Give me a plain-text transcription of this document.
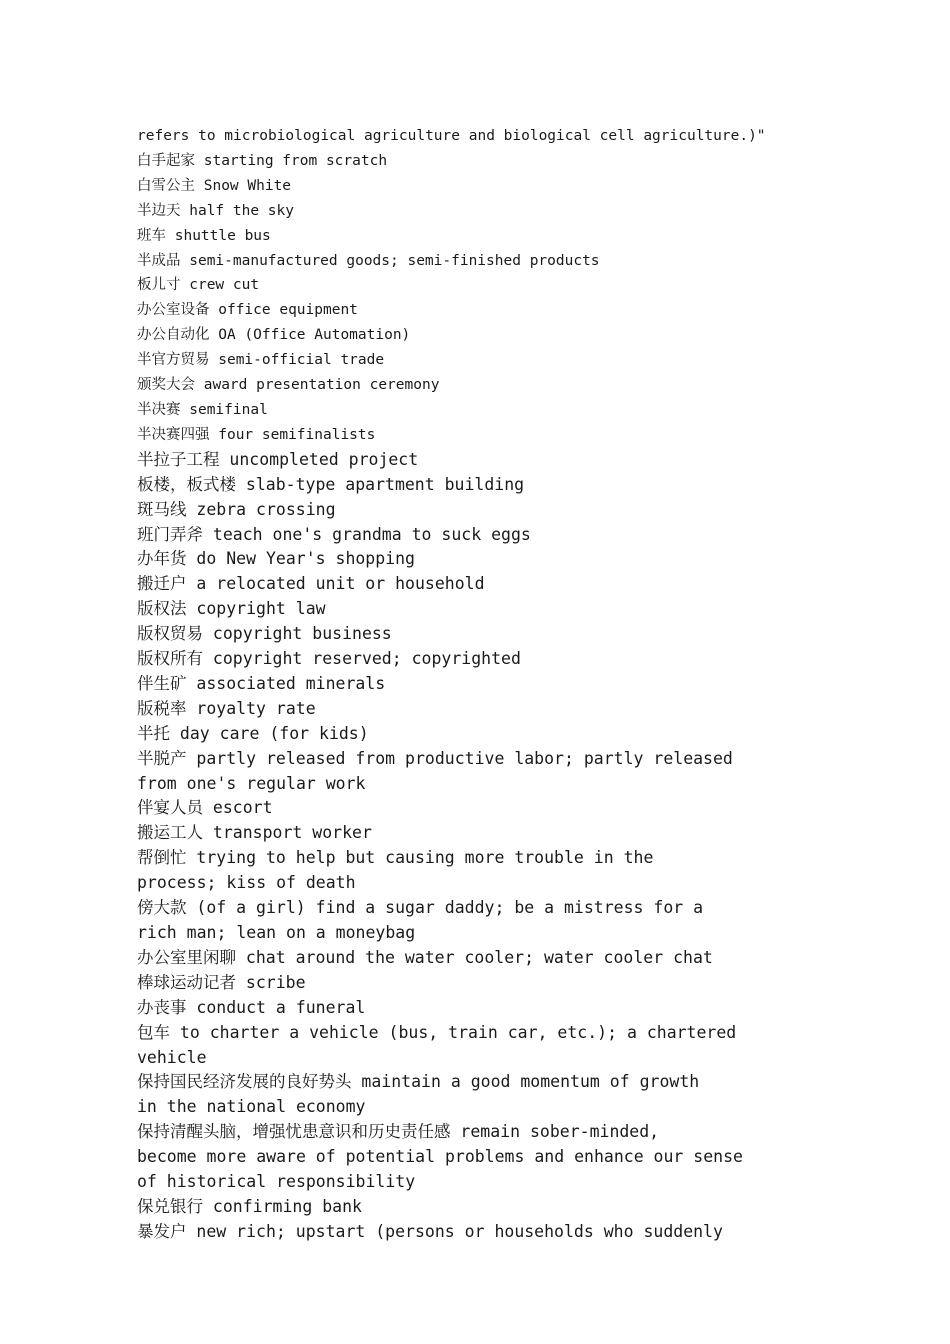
refers to microbiological agriculture and biological cell agriculture.)"
白手起家 starting from scratch
白雪公主 Snow White
半边天 half the sky
班车 shuttle bus
半成品 semi-manufactured goods; semi-finished products
板儿寸 crew cut
办公室设备 office equipment
办公自动化 OA (Office Automation)
半官方贸易 semi-official trade
颁奖大会 award presentation ceremony
半决赛 semifinal
半决赛四强 four semifinalists
半拉子工程 uncompleted project
板楼，板式楼 slab-type apartment building
斑马线 zebra crossing
班门弄斧 teach one's grandma to suck eggs
办年货 do New Year's shopping
搬迁户 a relocated unit or household
版权法 copyright law
版权贸易 copyright business
版权所有 copyright reserved; copyrighted
伴生矿 associated minerals
版税率 royalty rate
半托 day care (for kids)
半脱产 partly released from productive labor; partly released
from one's regular work
伴宴人员 escort
搬运工人 transport worker
帮倒忙 trying to help but causing more trouble in the
process; kiss of death
傍大款 (of a girl) find a sugar daddy; be a mistress for a
rich man; lean on a moneybag
办公室里闲聊 chat around the water cooler; water cooler chat
棒球运动记者 scribe
办丧事 conduct a funeral
包车 to charter a vehicle (bus, train car, etc.); a chartered
vehicle
保持国民经济发展的良好势头 maintain a good momentum of growth
in the national economy
保持清醒头脑，增强忧患意识和历史责任感 remain sober-minded,
become more aware of potential problems and enhance our sense
of historical responsibility
保兑银行 confirming bank
暴发户 new rich; upstart (persons or households who suddenly
